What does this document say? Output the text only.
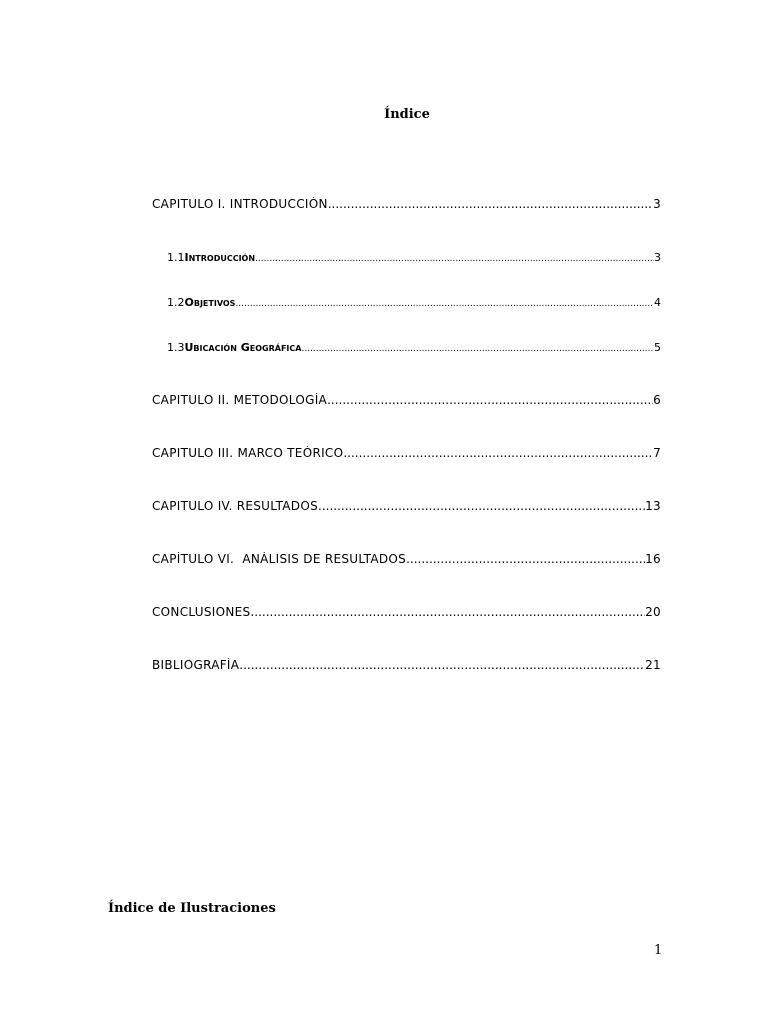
Índice
CAPITULO I. INTRODUCCIÓN .....	3
1.1 Introducción .....	3
1.2 Objetivos .....	4
1.3 Ubicación Geográfica .....	5
CAPITULO II. METODOLOGÍA .....	6
CAPITULO III. MARCO TEÓRICO .....	7
CAPITULO IV. RESULTADOS .....	13
CAPÍTULO VI.  ANÁLISIS DE RESULTADOS .....	16
CONCLUSIONES .....	20
BIBLIOGRAFÍA .....	21
Índice de Ilustraciones
1
